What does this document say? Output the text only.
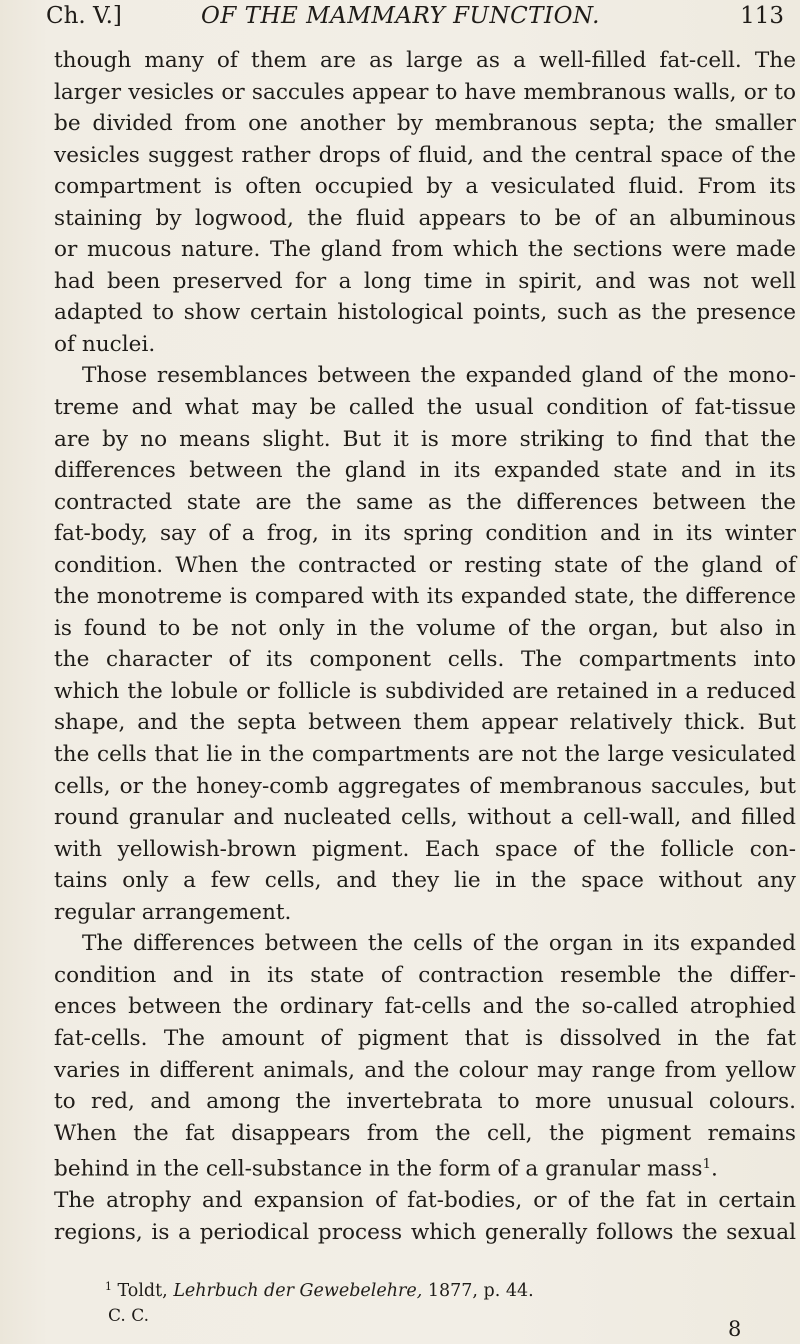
Ch. V.]	OF THE MAMMARY FUNCTION.	113
though many of them are as large as a well-filled fat-cell. The
larger vesicles or saccules appear to have membranous walls, or to
be divided from one another by membranous septa; the smaller
vesicles suggest rather drops of fluid, and the central space of the
compartment is often occupied by a vesiculated fluid. From its
staining by logwood, the fluid appears to be of an albuminous
or mucous nature. The gland from which the sections were made
had been preserved for a long time in spirit, and was not well
adapted to show certain histological points, such as the presence
of nuclei.
Those resemblances between the expanded gland of the mono-
treme and what may be called the usual condition of fat-tissue
are by no means slight. But it is more striking to find that the
differences between the gland in its expanded state and in its
contracted state are the same as the differences between the
fat-body, say of a frog, in its spring condition and in its winter
condition. When the contracted or resting state of the gland of
the monotreme is compared with its expanded state, the difference
is found to be not only in the volume of the organ, but also in
the character of its component cells. The compartments into
which the lobule or follicle is subdivided are retained in a reduced
shape, and the septa between them appear relatively thick. But
the cells that lie in the compartments are not the large vesiculated
cells, or the honey-comb aggregates of membranous saccules, but
round granular and nucleated cells, without a cell-wall, and filled
with yellowish-brown pigment. Each space of the follicle con-
tains only a few cells, and they lie in the space without any
regular arrangement.
The differences between the cells of the organ in its expanded
condition and in its state of contraction resemble the differ-
ences between the ordinary fat-cells and the so-called atrophied
fat-cells. The amount of pigment that is dissolved in the fat
varies in different animals, and the colour may range from yellow
to red, and among the invertebrata to more unusual colours.
When the fat disappears from the cell, the pigment remains
behind in the cell-substance in the form of a granular mass$^1$.
The atrophy and expansion of fat-bodies, or of the fat in certain
regions, is a periodical process which generally follows the sexual
$^1$ Toldt, Lehrbuch der Gewebelehre, 1877, p. 44.
C. C.
8
